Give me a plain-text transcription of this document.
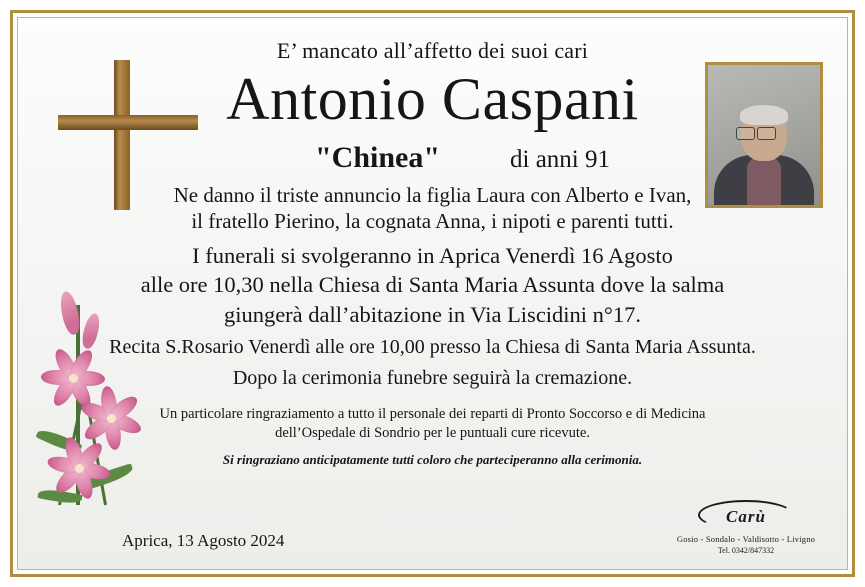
E’ mancato all’affetto dei suoi cari
Antonio Caspani
"Chinea"	di anni 91
Ne danno il triste annuncio la figlia Laura con Alberto e Ivan,
il fratello Pierino, la cognata Anna, i nipoti e parenti tutti.
I funerali si svolgeranno in Aprica Venerdì 16 Agosto
alle ore 10,30 nella Chiesa di Santa Maria Assunta dove la salma
giungerà dall’abitazione in Via Liscidini n°17.
Recita S.Rosario Venerdì alle ore 10,00 presso la Chiesa di Santa Maria Assunta.
Dopo la cerimonia funebre seguirà la cremazione.
Un particolare ringraziamento a tutto il personale dei reparti di Pronto Soccorso e di Medicina
dell’Ospedale di Sondrio per le puntuali cure ricevute.
Si ringraziano anticipatamente tutti coloro che parteciperanno alla cerimonia.
Aprica, 13 Agosto 2024
Carù
Gosio - Sondalo - Valdisotto - Livigno
Tel. 0342/847332
